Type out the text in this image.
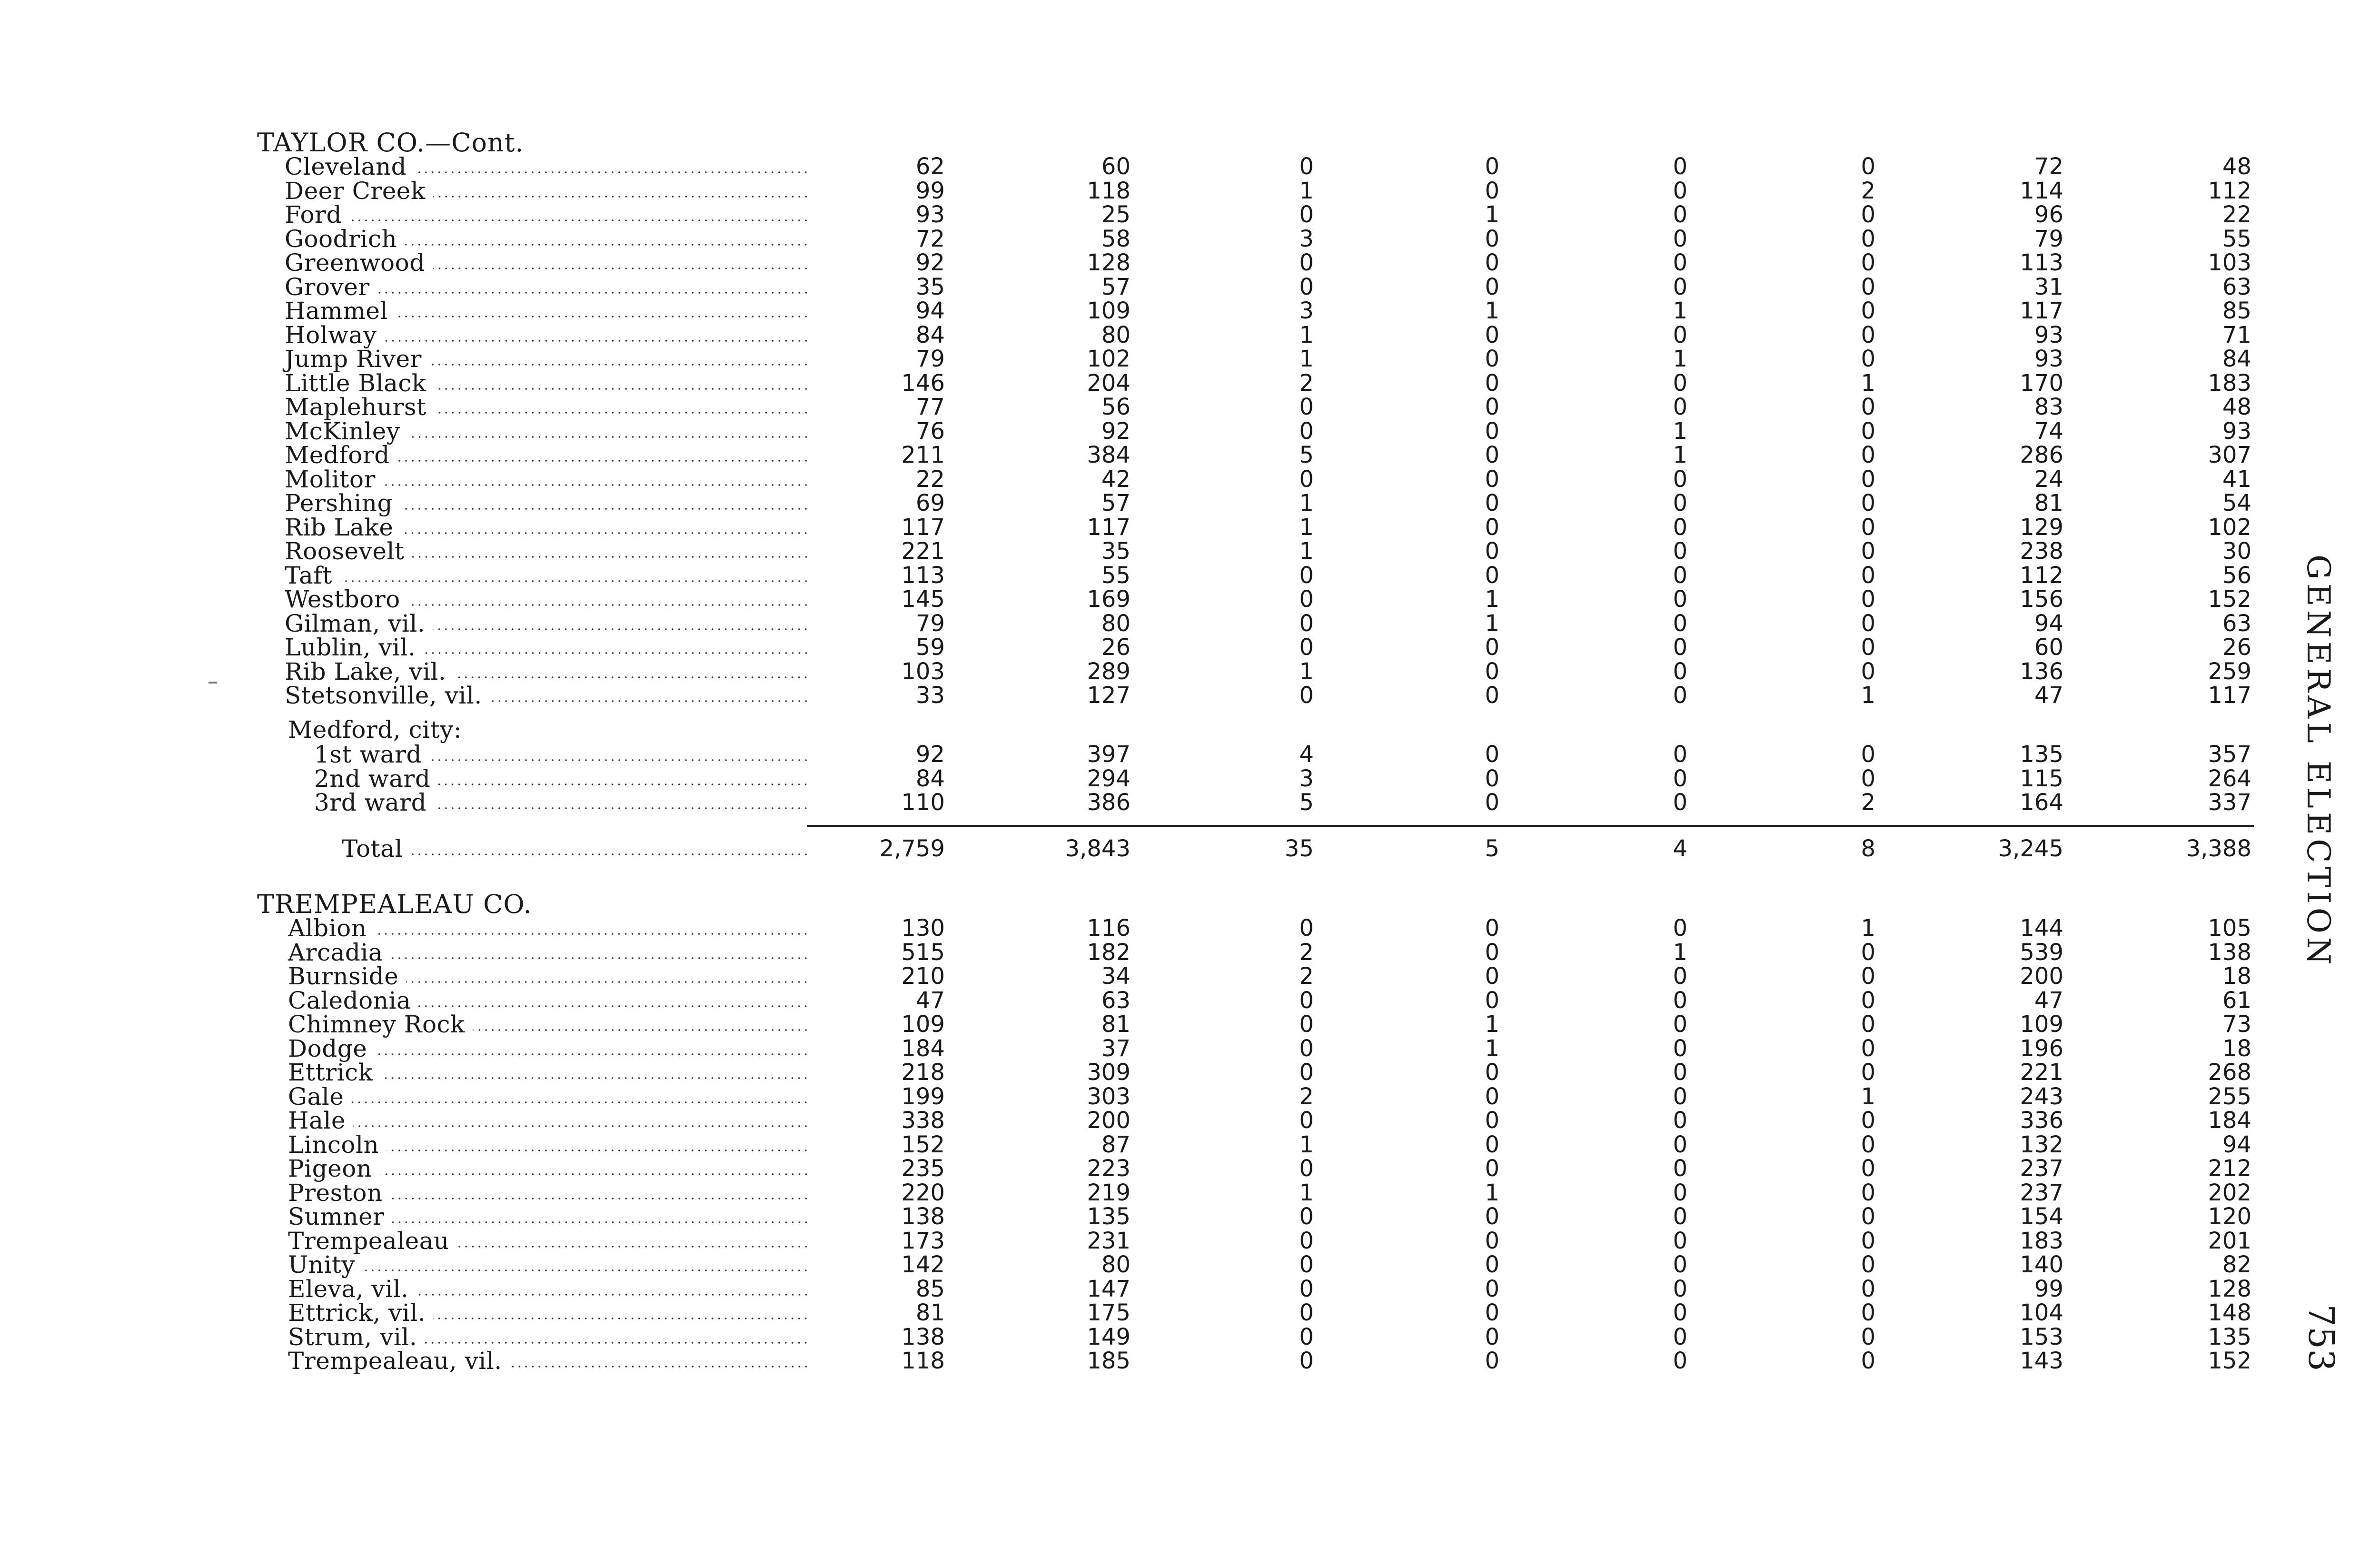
TAYLOR CO.—Cont.
Cleveland	62	60	0	0	0	0	72	48
Deer Creek	99	118	1	0	0	2	114	112
Ford	93	25	0	1	0	0	96	22
Goodrich	72	58	3	0	0	0	79	55
Greenwood	92	128	0	0	0	0	113	103
Grover	35	57	0	0	0	0	31	63
Hammel	94	109	3	1	1	0	117	85
Holway	84	80	1	0	0	0	93	71
Jump River	79	102	1	0	1	0	93	84
Little Black	146	204	2	0	0	1	170	183
Maplehurst	77	56	0	0	0	0	83	48
McKinley	76	92	0	0	1	0	74	93
Medford	211	384	5	0	1	0	286	307
Molitor	22	42	0	0	0	0	24	41
Pershing	69	57	1	0	0	0	81	54
Rib Lake	117	117	1	0	0	0	129	102
Roosevelt	221	35	1	0	0	0	238	30
Taft	113	55	0	0	0	0	112	56
Westboro	145	169	0	1	0	0	156	152
Gilman, vil.	79	80	0	1	0	0	94	63
Lublin, vil.	59	26	0	0	0	0	60	26
Rib Lake, vil.	103	289	1	0	0	0	136	259
Stetsonville, vil.	33	127	0	0	0	1	47	117
Medford, city:
1st ward	92	397	4	0	0	0	135	357
2nd ward	84	294	3	0	0	0	115	264
3rd ward	110	386	5	0	0	2	164	337
Total	2,759	3,843	35	5	4	8	3,245	3,388
TREMPEALEAU CO.
Albion	130	116	0	0	0	1	144	105
Arcadia	515	182	2	0	1	0	539	138
Burnside	210	34	2	0	0	0	200	18
Caledonia	47	63	0	0	0	0	47	61
Chimney Rock	109	81	0	1	0	0	109	73
Dodge	184	37	0	1	0	0	196	18
Ettrick	218	309	0	0	0	0	221	268
Gale	199	303	2	0	0	1	243	255
Hale	338	200	0	0	0	0	336	184
Lincoln	152	87	1	0	0	0	132	94
Pigeon	235	223	0	0	0	0	237	212
Preston	220	219	1	1	0	0	237	202
Sumner	138	135	0	0	0	0	154	120
Trempealeau	173	231	0	0	0	0	183	201
Unity	142	80	0	0	0	0	140	82
Eleva, vil.	85	147	0	0	0	0	99	128
Ettrick, vil.	81	175	0	0	0	0	104	148
Strum, vil.	138	149	0	0	0	0	153	135
Trempealeau, vil.	118	185	0	0	0	0	143	152
GENERAL ELECTION
753
